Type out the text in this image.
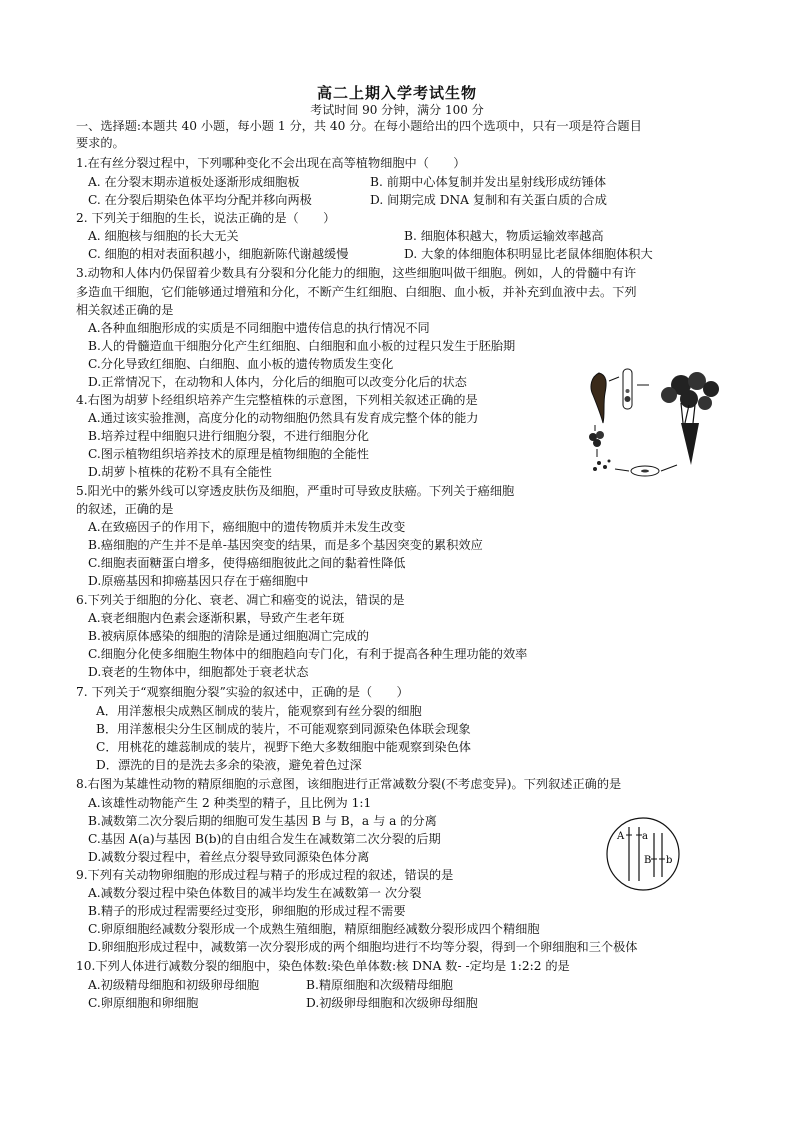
高二上期入学考试生物
考试时间 90 分钟，满分 100 分
一、选择题:本题共 40 小题，每小题 1 分，共 40 分。在每小题给出的四个选项中，只有一项是符合题目
要求的。
1.在有丝分裂过程中，下列哪种变化不会出现在高等植物细胞中（　　）
A. 在分裂末期赤道板处逐渐形成细胞板	B. 前期中心体复制并发出星射线形成纺锤体
C. 在分裂后期染色体平均分配并移向两极	D. 间期完成 DNA 复制和有关蛋白质的合成
2. 下列关于细胞的生长，说法正确的是（　　）
A. 细胞核与细胞的长大无关	B. 细胞体积越大，物质运输效率越高
C. 细胞的相对表面积越小，细胞新陈代谢越缓慢	D. 大象的体细胞体积明显比老鼠体细胞体积大
3.动物和人体内仍保留着少数具有分裂和分化能力的细胞，这些细胞叫做干细胞。例如，人的骨髓中有许
多造血干细胞，它们能够通过增殖和分化，不断产生红细胞、白细胞、血小板，并补充到血液中去。下列
相关叙述正确的是
A.各种血细胞形成的实质是不同细胞中遗传信息的执行情况不同
B.人的骨髓造血干细胞分化产生红细胞、白细胞和血小板的过程只发生于胚胎期
C.分化导致红细胞、白细胞、血小板的遗传物质发生变化
D.正常情况下，在动物和人体内，分化后的细胞可以改变分化后的状态
4.右图为胡萝卜经组织培养产生完整植株的示意图，下列相关叙述正确的是
A.通过该实验推测，高度分化的动物细胞仍然具有发育成完整个体的能力
B.培养过程中细胞只进行细胞分裂，不进行细胞分化
C.图示植物组织培养技术的原理是植物细胞的全能性
D.胡萝卜植株的花粉不具有全能性
5.阳光中的紫外线可以穿透皮肤伤及细胞，严重时可导致皮肤癌。下列关于癌细胞
的叙述，正确的是
A.在致癌因子的作用下，癌细胞中的遗传物质并未发生改变
B.癌细胞的产生并不是单-基因突变的结果，而是多个基因突变的累积效应
C.细胞表面糖蛋白增多，使得癌细胞彼此之间的黏着性降低
D.原癌基因和抑癌基因只存在于癌细胞中
6.下列关于细胞的分化、衰老、凋亡和癌变的说法，错误的是
A.衰老细胞内色素会逐渐积累，导致产生老年斑
B.被病原体感染的细胞的清除是通过细胞凋亡完成的
C.细胞分化使多细胞生物体中的细胞趋向专门化，有利于提高各种生理功能的效率
D.衰老的生物体中，细胞都处于衰老状态
7. 下列关于“观察细胞分裂”实验的叙述中，正确的是（　　）
A．用洋葱根尖成熟区制成的装片，能观察到有丝分裂的细胞
B．用洋葱根尖分生区制成的装片，不可能观察到同源染色体联会现象
C．用桃花的雄蕊制成的装片，视野下绝大多数细胞中能观察到染色体
D．漂洗的目的是洗去多余的染液，避免着色过深
8.右图为某雄性动物的精原细胞的示意图，该细胞进行正常减数分裂(不考虑变异)。下列叙述正确的是
A.该雄性动物能产生 2 种类型的精子，且比例为 1:1
B.减数第二次分裂后期的细胞可发生基因 B 与 B，a 与 a 的分离
C.基因 A(a)与基因 B(b)的自由组合发生在减数第二次分裂的后期
D.减数分裂过程中，着丝点分裂导致同源染色体分离
A a
B b
9.下列有关动物卵细胞的形成过程与精子的形成过程的叙述，错误的是
A.减数分裂过程中染色体数目的减半均发生在减数第一 次分裂
B.精子的形成过程需要经过变形，卵细胞的形成过程不需要
C.卵原细胞经减数分裂形成一个成熟生殖细胞，精原细胞经减数分裂形成四个精细胞
D.卵细胞形成过程中，减数第一次分裂形成的两个细胞均进行不均等分裂，得到一个卵细胞和三个极体
10.下列人体进行减数分裂的细胞中，染色体数:染色单体数:核 DNA 数- -定均是 1:2:2 的是
A.初级精母细胞和初级卵母细胞	B.精原细胞和次级精母细胞
C.卵原细胞和卵细胞	D.初级卵母细胞和次级卵母细胞
